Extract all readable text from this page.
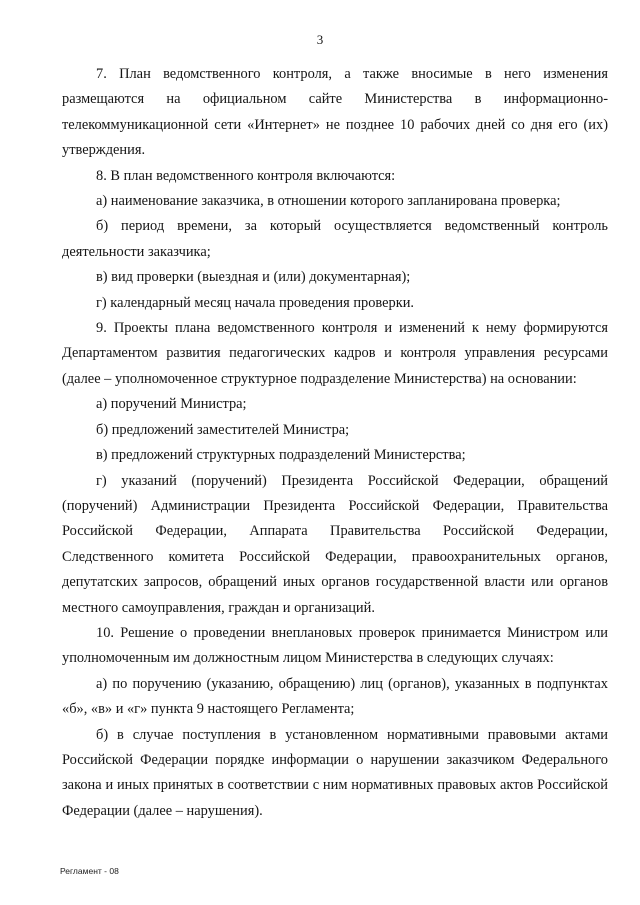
3

7. План ведомственного контроля, а также вносимые в него изменения размещаются на официальном сайте Министерства в информационно-телекоммуникационной сети «Интернет» не позднее 10 рабочих дней со дня его (их) утверждения.

8. В план ведомственного контроля включаются:

а) наименование заказчика, в отношении которого запланирована проверка;

б) период времени, за который осуществляется ведомственный контроль деятельности заказчика;

в) вид проверки (выездная и (или) документарная);

г) календарный месяц начала проведения проверки.

9. Проекты плана ведомственного контроля и изменений к нему формируются Департаментом развития педагогических кадров и контроля управления ресурсами (далее – уполномоченное структурное подразделение Министерства) на основании:

а) поручений Министра;

б) предложений заместителей Министра;

в) предложений структурных подразделений Министерства;

г) указаний (поручений) Президента Российской Федерации, обращений (поручений) Администрации Президента Российской Федерации, Правительства Российской Федерации, Аппарата Правительства Российской Федерации, Следственного комитета Российской Федерации, правоохранительных органов, депутатских запросов, обращений иных органов государственной власти или органов местного самоуправления, граждан и организаций.

10. Решение о проведении внеплановых проверок принимается Министром или уполномоченным им должностным лицом Министерства в следующих случаях:

а) по поручению (указанию, обращению) лиц (органов), указанных в подпунктах «б», «в» и «г» пункта 9 настоящего Регламента;

б) в случае поступления в установленном нормативными правовыми актами Российской Федерации порядке информации о нарушении заказчиком Федерального закона и иных принятых в соответствии с ним нормативных правовых актов Российской Федерации (далее – нарушения).

Регламент - 08
